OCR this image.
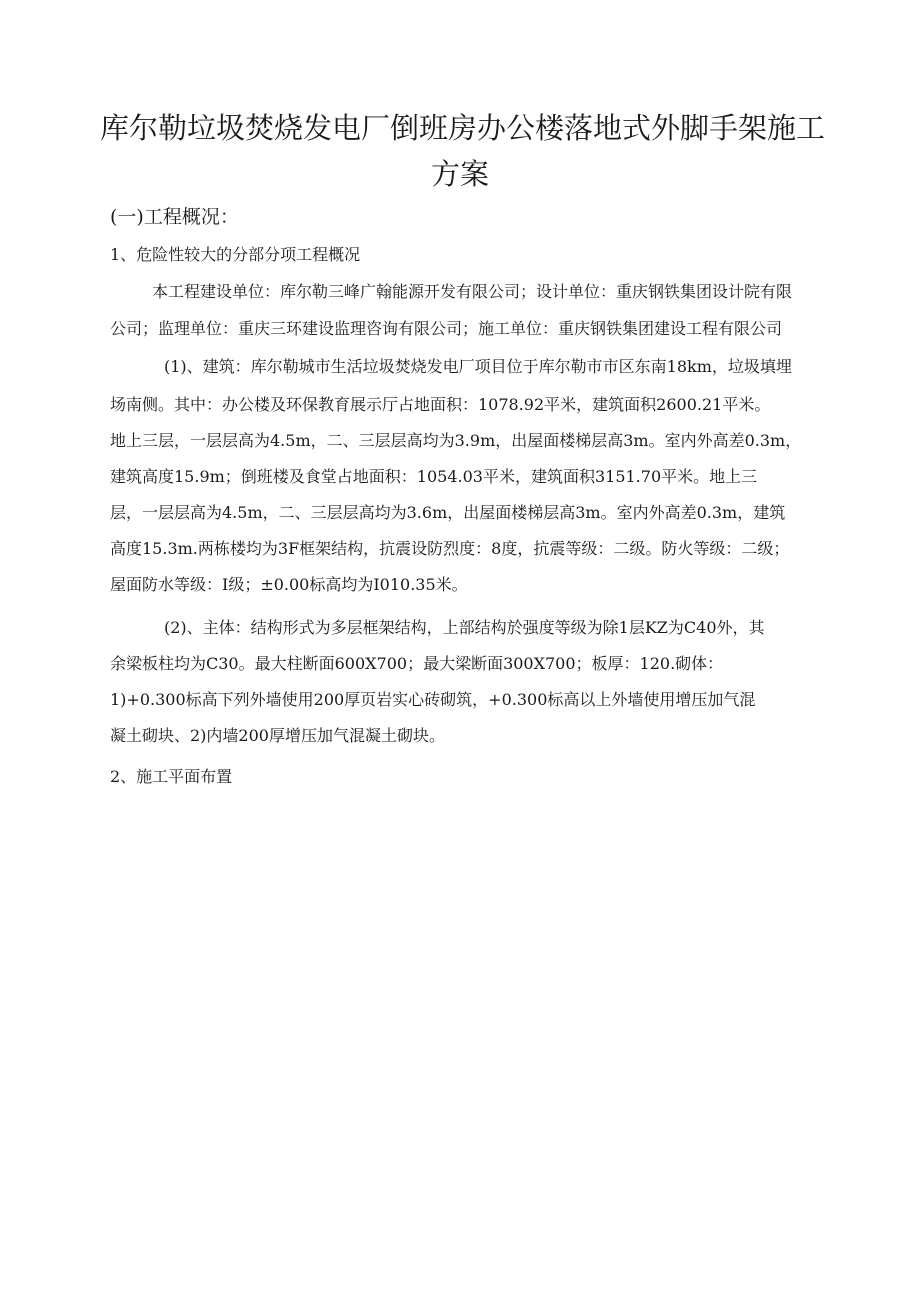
库尔勒垃圾焚烧发电厂倒班房办公楼落地式外脚手架施工
方案
(一)工程概况：
1、危险性较大的分部分项工程概况
本工程建设单位：库尔勒三峰广翰能源开发有限公司；设计单位：重庆钢铁集团设计院有限
公司；监理单位：重庆三环建设监理咨询有限公司；施工单位：重庆钢铁集团建设工程有限公司
(1)、建筑：库尔勒城市生活垃圾焚烧发电厂项目位于库尔勒市市区东南18km，垃圾填埋
场南侧。其中：办公楼及环保教育展示厅占地面积：1078.92平米，建筑面积2600.21平米。
地上三层，一层层高为4.5m，二、三层层高均为3.9m，出屋面楼梯层高3m。室内外高差0.3m，
建筑高度15.9m；倒班楼及食堂占地面积：1054.03平米，建筑面积3151.70平米。地上三
层，一层层高为4.5m，二、三层层高均为3.6m，出屋面楼梯层高3m。室内外高差0.3m，建筑
高度15.3m.两栋楼均为3F框架结构，抗震设防烈度：8度，抗震等级：二级。防火等级：二级；
屋面防水等级：Ⅰ级；±0.00标高均为I010.35米。
(2)、主体：结构形式为多层框架结构，上部结构於强度等级为除1层KZ为C40外，其
余梁板柱均为C30。最大柱断面600X700；最大梁断面300X700；板厚：120.砌体：
1)+0.300标高下列外墙使用200厚页岩实心砖砌筑，+0.300标高以上外墙使用增压加气混
凝土砌块、2)内墙200厚增压加气混凝土砌块。
2、施工平面布置
